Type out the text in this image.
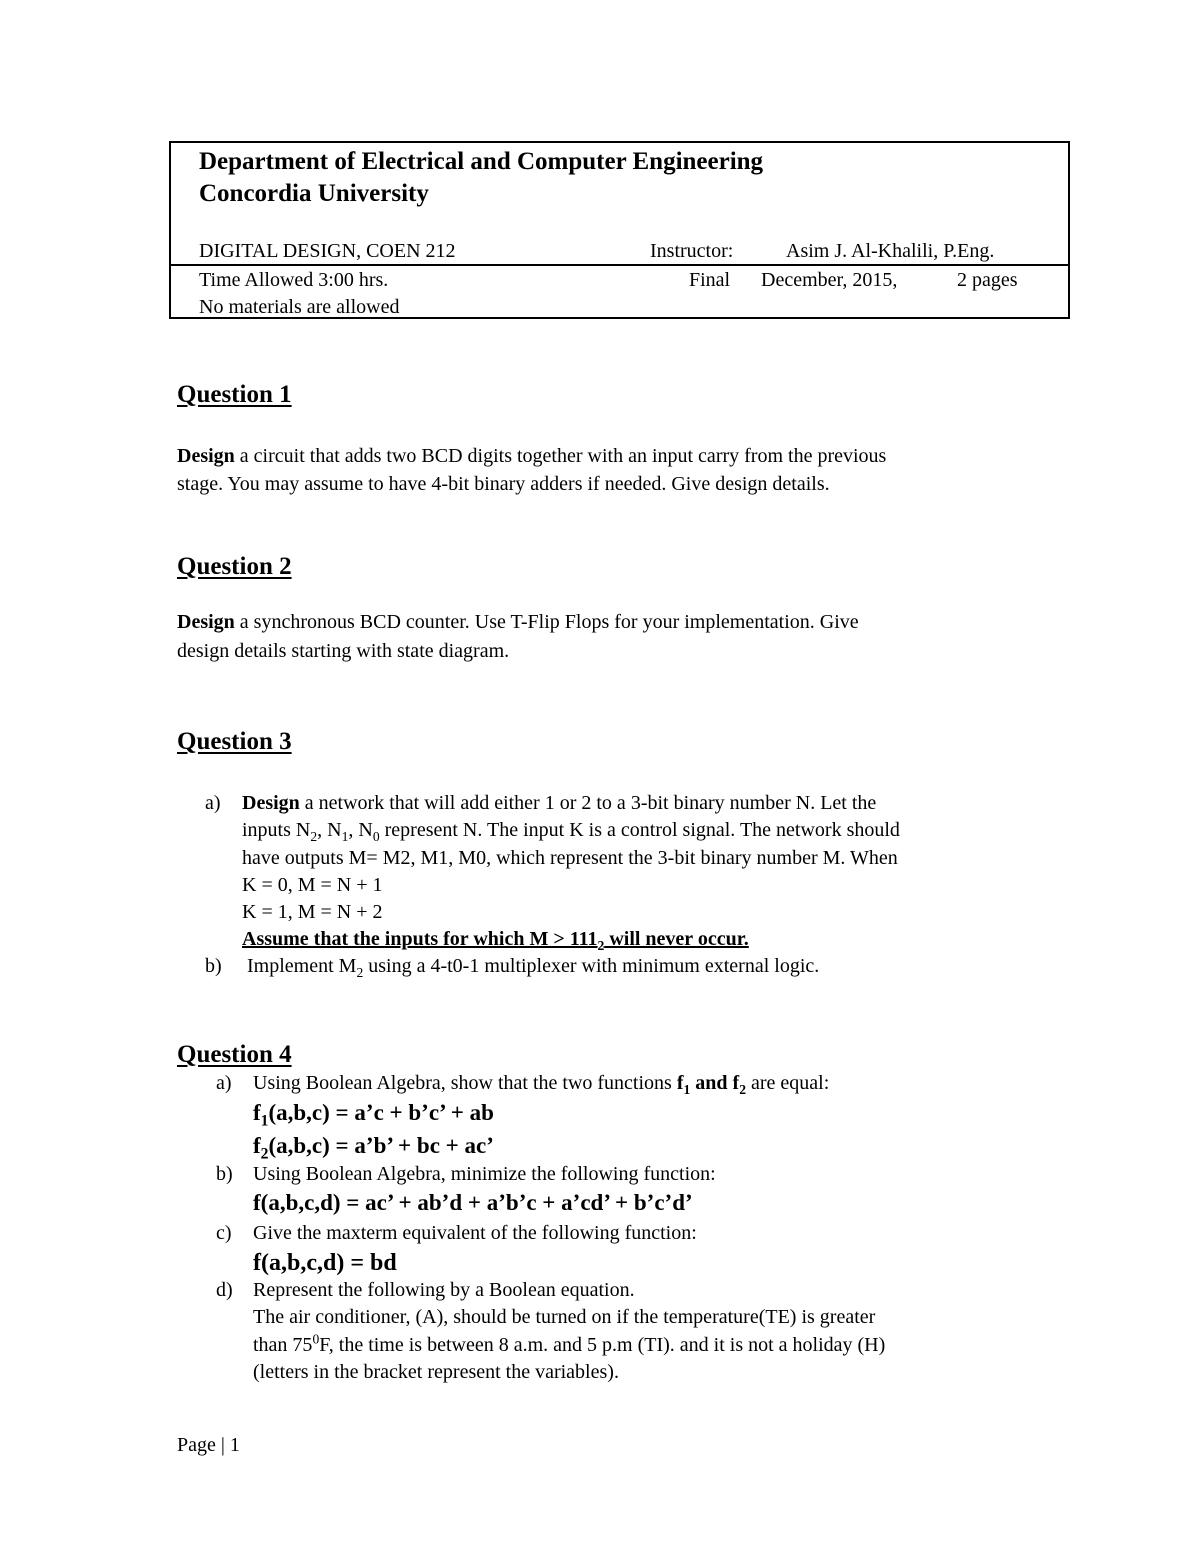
Department of Electrical and Computer Engineering
Concordia University
DIGITAL DESIGN, COEN 212	Instructor:	Asim J. Al-Khalili, P.Eng.
Time Allowed 3:00 hrs.	Final December, 2015,	2 pages
No materials are allowed
Question 1
Design a circuit that adds two BCD digits together with an input carry from the previous
stage. You may assume to have 4-bit binary adders if needed. Give design details.
Question 2
Design a synchronous BCD counter. Use T-Flip Flops for your implementation. Give
design details starting with state diagram.
Question 3
a) Design a network that will add either 1 or 2 to a 3-bit binary number N. Let the
inputs $N_2$, $N_1$, $N_0$ represent N. The input K is a control signal. The network should
have outputs M= M2, M1, M0, which represent the 3-bit binary number M. When
K = 0, M = N + 1
K = 1, M = N + 2
Assume that the inputs for which $M > 111_2$ will never occur.
b) Implement $M_2$ using a 4-t0-1 multiplexer with minimum external logic.
Question 4
a) Using Boolean Algebra, show that the two functions $f_1$ and $f_2$ are equal:
$f_1(a,b,c)$ = a’c + b’c’ + ab
$f_2(a,b,c)$ = a’b’ + bc + ac’
b) Using Boolean Algebra, minimize the following function:
f(a,b,c,d) = ac’ + ab’d + a’b’c + a’cd’ + b’c’d’
c) Give the maxterm equivalent of the following function:
f(a,b,c,d) = bd
d) Represent the following by a Boolean equation.
The air conditioner, (A), should be turned on if the temperature(TE) is greater
than $75^0F$, the time is between 8 a.m. and 5 p.m (TI). and it is not a holiday (H)
(letters in the bracket represent the variables).
Page | 1
